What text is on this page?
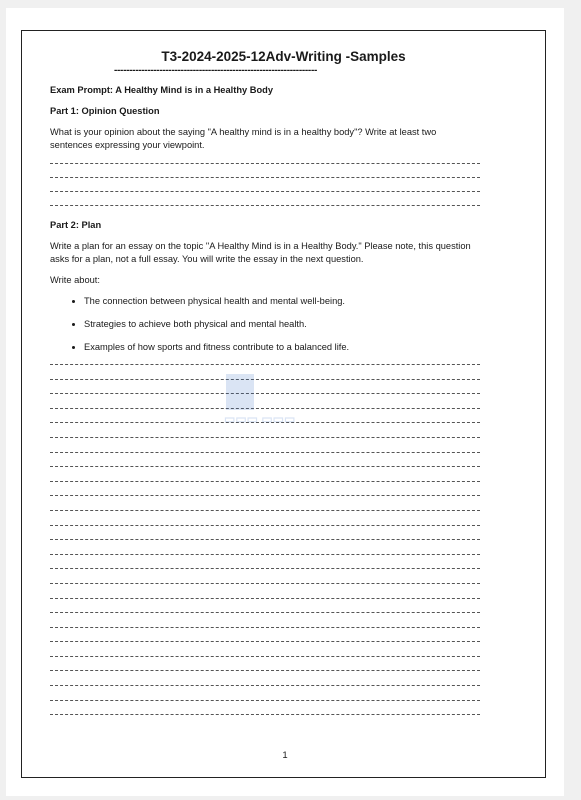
T3-2024-2025-12Adv-Writing -Samples
-------------------------------------------------------------------
Exam Prompt: A Healthy Mind is in a Healthy Body
Part 1: Opinion Question
What is your opinion about the saying "A healthy mind is in a healthy body"? Write at least two sentences expressing your viewpoint.
Part 2: Plan
Write a plan for an essay on the topic "A Healthy Mind is in a Healthy Body." Please note, this question asks for a plan, not a full essay. You will write the essay in the next question.
Write about:
• The connection between physical health and mental well-being.
• Strategies to achieve both physical and mental health.
• Examples of how sports and fitness contribute to a balanced life.
▭▭▭ ▭▭▭
1
